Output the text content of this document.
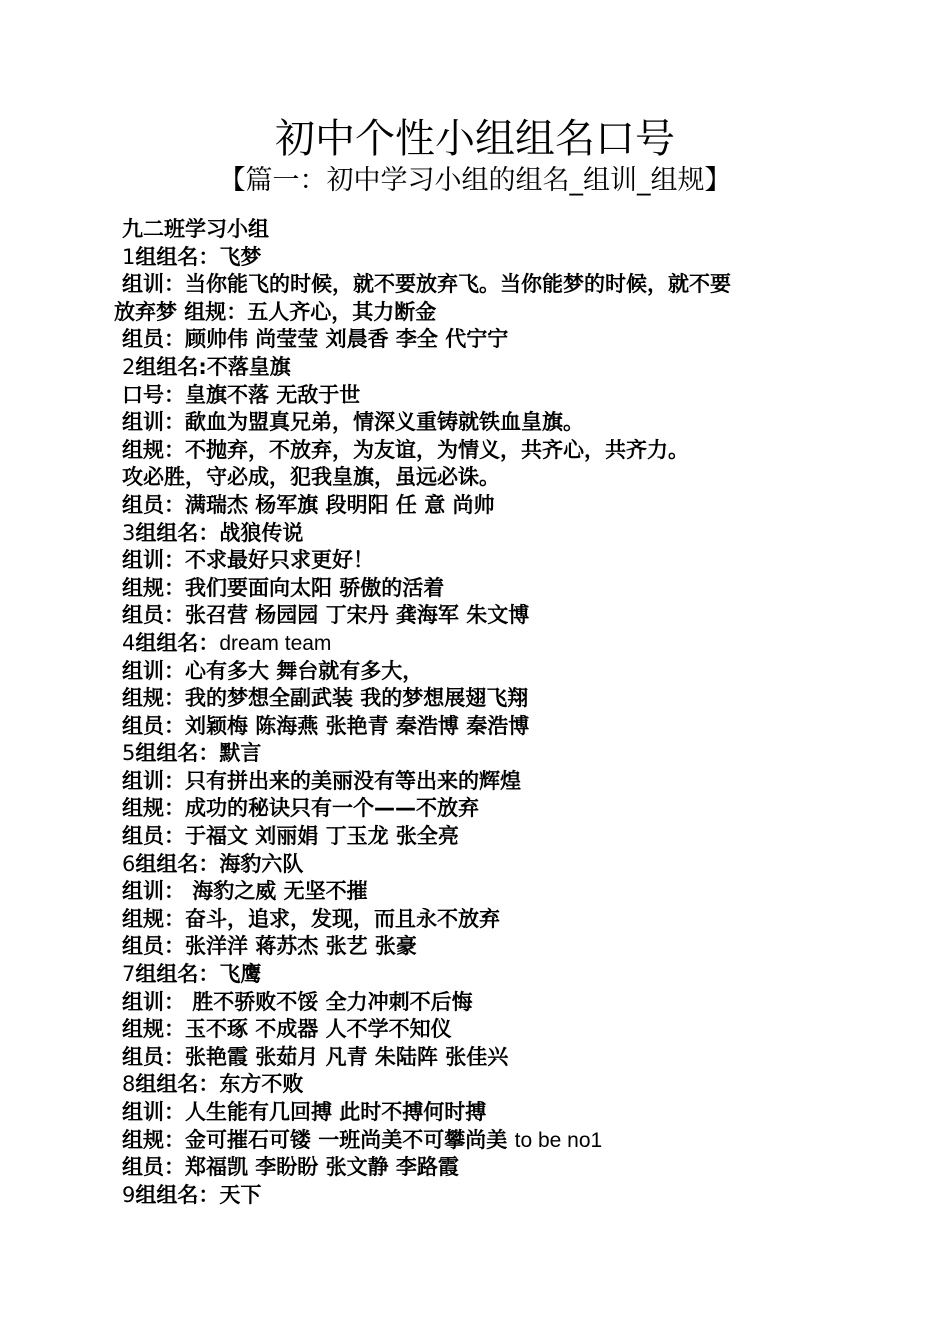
初中个性小组组名口号
【篇一：初中学习小组的组名_组训_组规】
九二班学习小组
1组组名：飞梦
组训：当你能飞的时候，就不要放弃飞。当你能梦的时候，就不要
放弃梦 组规：五人齐心，其力断金
组员：顾帅伟 尚莹莹 刘晨香 李全 代宁宁
2组组名:不落皇旗
口号：皇旗不落 无敌于世
组训：歃血为盟真兄弟，情深义重铸就铁血皇旗。
组规：不抛弃，不放弃，为友谊，为情义，共齐心，共齐力。
攻必胜，守必成，犯我皇旗，虽远必诛。
组员：满瑞杰 杨军旗 段明阳 任 意 尚帅
3组组名：战狼传说
组训：不求最好只求更好！
组规：我们要面向太阳 骄傲的活着
组员：张召营 杨园园 丁宋丹 龚海军 朱文博
4组组名：dream team
组训：心有多大 舞台就有多大，
组规：我的梦想全副武装 我的梦想展翅飞翔
组员：刘颖梅 陈海燕 张艳青 秦浩博 秦浩博
5组组名：默言
组训：只有拼出来的美丽没有等出来的辉煌
组规：成功的秘诀只有一个——不放弃
组员：于福文 刘丽娟 丁玉龙 张全亮
6组组名：海豹六队
组训： 海豹之威 无坚不摧
组规：奋斗，追求，发现，而且永不放弃
组员：张洋洋 蒋苏杰 张艺 张豪
7组组名：飞鹰
组训： 胜不骄败不馁 全力冲刺不后悔
组规：玉不琢 不成器 人不学不知仪
组员：张艳霞 张茹月 凡青 朱陆阵 张佳兴
8组组名：东方不败
组训：人生能有几回搏 此时不搏何时搏
组规：金可摧石可镂 一班尚美不可攀尚美 to be no1
组员：郑福凯 李盼盼 张文静 李路霞
9组组名：天下
